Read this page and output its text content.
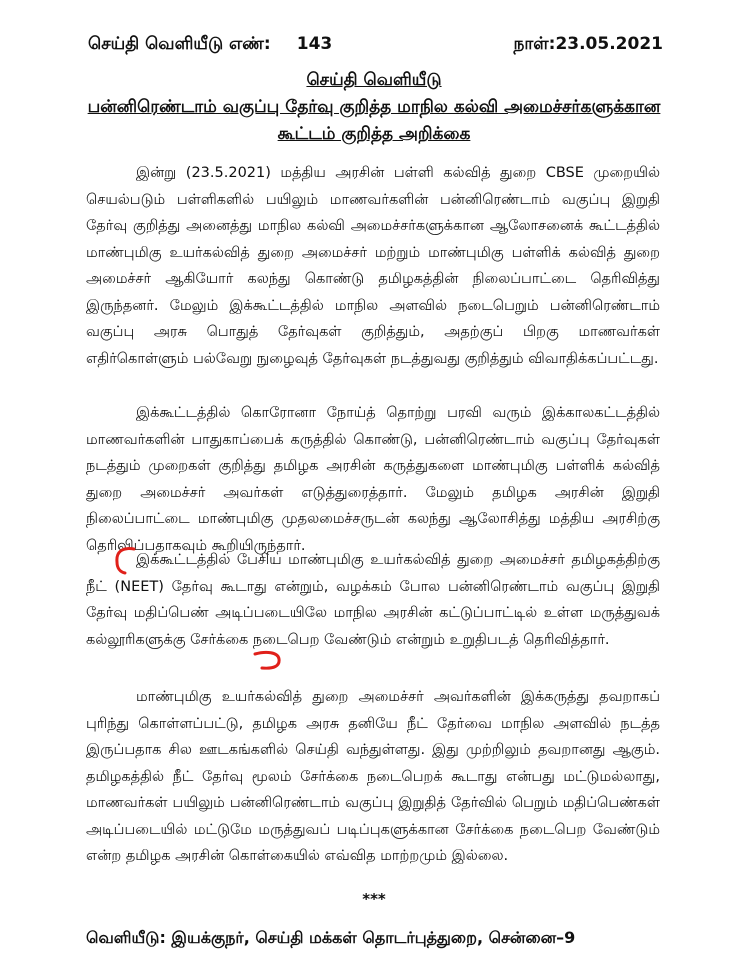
செய்தி வெளியீடு எண்: 143	நாள்:23.05.2021
செய்தி வெளியீடு
பன்னிரெண்டாம் வகுப்பு தேர்வு குறித்த மாநில கல்வி அமைச்சர்களுக்கான
கூட்டம் குறித்த அறிக்கை

இன்று (23.5.2021) மத்திய அரசின் பள்ளி கல்வித் துறை CBSE முறையில் செயல்படும் பள்ளிகளில் பயிலும் மாணவர்களின் பன்னிரெண்டாம் வகுப்பு இறுதி தேர்வு குறித்து அனைத்து மாநில கல்வி அமைச்சர்களுக்கான ஆலோசனைக் கூட்டத்தில் மாண்புமிகு உயர்கல்வித் துறை அமைச்சர் மற்றும் மாண்புமிகு பள்ளிக் கல்வித் துறை அமைச்சர் ஆகியோர் கலந்து கொண்டு தமிழகத்தின் நிலைப்பாட்டை தெரிவித்து இருந்தனர். மேலும் இக்கூட்டத்தில் மாநில அளவில் நடைபெறும் பன்னிரெண்டாம் வகுப்பு அரசு பொதுத் தேர்வுகள் குறித்தும், அதற்குப் பிறகு மாணவர்கள் எதிர்கொள்ளும் பல்வேறு நுழைவுத் தேர்வுகள் நடத்துவது குறித்தும் விவாதிக்கப்பட்டது.

இக்கூட்டத்தில் கொரோனா நோய்த் தொற்று பரவி வரும் இக்காலகட்டத்தில் மாணவர்களின் பாதுகாப்பைக் கருத்தில் கொண்டு, பன்னிரெண்டாம் வகுப்பு தேர்வுகள் நடத்தும் முறைகள் குறித்து தமிழக அரசின் கருத்துகளை மாண்புமிகு பள்ளிக் கல்வித் துறை அமைச்சர் அவர்கள் எடுத்துரைத்தார். மேலும் தமிழக அரசின் இறுதி நிலைப்பாட்டை மாண்புமிகு முதலமைச்சருடன் கலந்து ஆலோசித்து மத்திய அரசிற்கு தெரிவிப்பதாகவும் கூறியிருந்தார்.

இக்கூட்டத்தில் பேசிய மாண்புமிகு உயர்கல்வித் துறை அமைச்சர் தமிழகத்திற்கு நீட் (NEET) தேர்வு கூடாது என்றும், வழக்கம் போல பன்னிரெண்டாம் வகுப்பு இறுதி தேர்வு மதிப்பெண் அடிப்படையிலே மாநில அரசின் கட்டுப்பாட்டில் உள்ள மருத்துவக் கல்லூரிகளுக்கு சேர்க்கை நடைபெற வேண்டும் என்றும் உறுதிபடத் தெரிவித்தார்.

மாண்புமிகு உயர்கல்வித் துறை அமைச்சர் அவர்களின் இக்கருத்து தவறாகப் புரிந்து கொள்ளப்பட்டு, தமிழக அரசு தனியே நீட் தேர்வை மாநில அளவில் நடத்த இருப்பதாக சில ஊடகங்களில் செய்தி வந்துள்ளது. இது முற்றிலும் தவறானது ஆகும். தமிழகத்தில் நீட் தேர்வு மூலம் சேர்க்கை நடைபெறக் கூடாது என்பது மட்டுமல்லாது, மாணவர்கள் பயிலும் பன்னிரெண்டாம் வகுப்பு இறுதித் தேர்வில் பெறும் மதிப்பெண்கள் அடிப்படையில் மட்டுமே மருத்துவப் படிப்புகளுக்கான சேர்க்கை நடைபெற வேண்டும் என்ற தமிழக அரசின் கொள்கையில் எவ்வித மாற்றமும் இல்லை.

***
வெளியீடு: இயக்குநர், செய்தி மக்கள் தொடர்புத்துறை, சென்னை–9
